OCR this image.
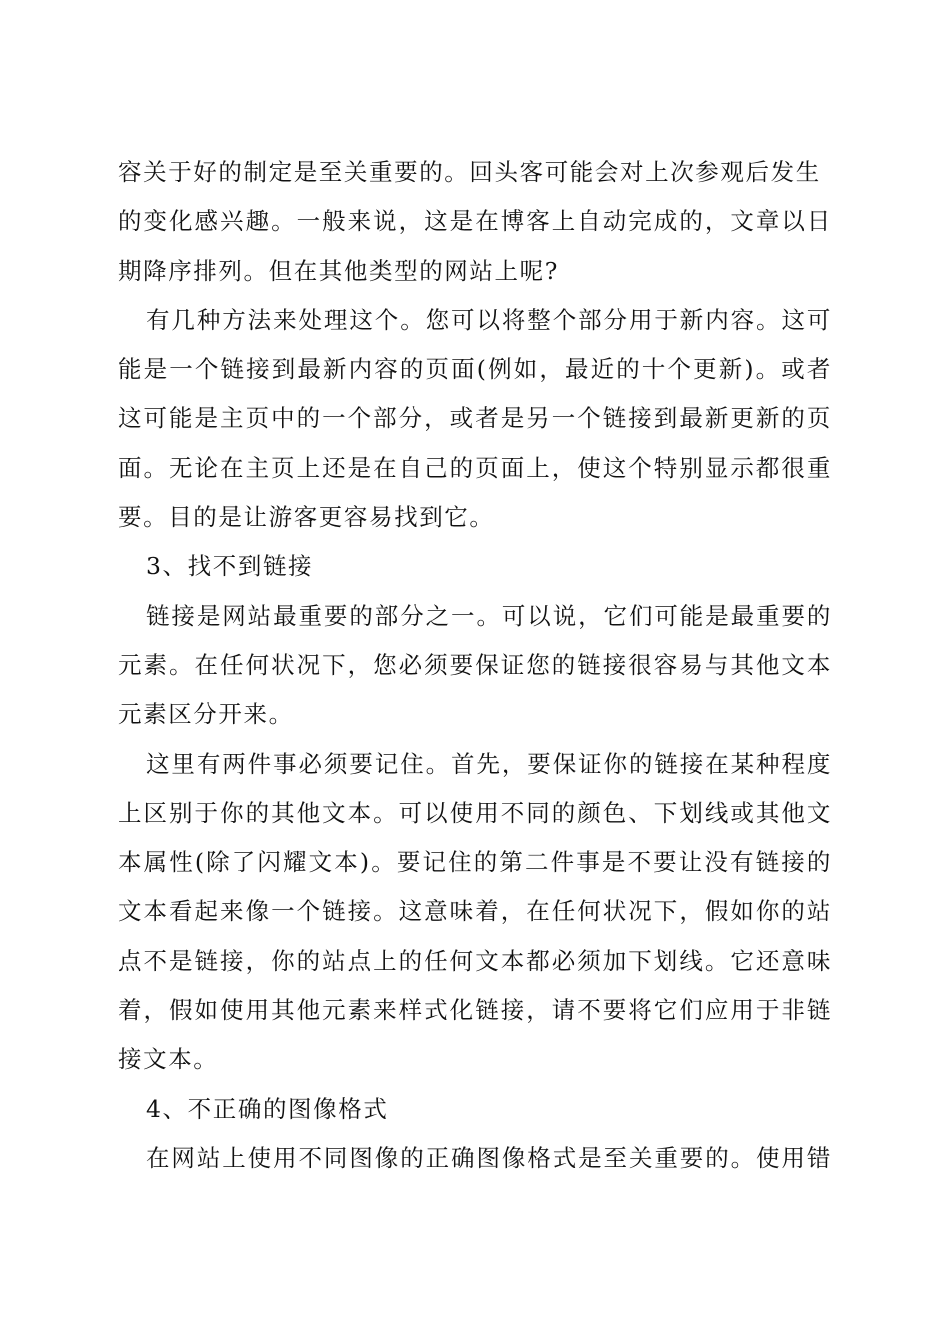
容关于好的制定是至关重要的。回头客可能会对上次参观后发生
的变化感兴趣。一般来说，这是在博客上自动完成的，文章以日
期降序排列。但在其他类型的网站上呢?
有几种方法来处理这个。您可以将整个部分用于新内容。这可
能是一个链接到最新内容的页面(例如，最近的十个更新)。或者
这可能是主页中的一个部分，或者是另一个链接到最新更新的页
面。无论在主页上还是在自己的页面上，使这个特别显示都很重
要。目的是让游客更容易找到它。
3、找不到链接
链接是网站最重要的部分之一。可以说，它们可能是最重要的
元素。在任何状况下，您必须要保证您的链接很容易与其他文本
元素区分开来。
这里有两件事必须要记住。首先，要保证你的链接在某种程度
上区别于你的其他文本。可以使用不同的颜色、下划线或其他文
本属性(除了闪耀文本)。要记住的第二件事是不要让没有链接的
文本看起来像一个链接。这意味着，在任何状况下，假如你的站
点不是链接，你的站点上的任何文本都必须加下划线。它还意味
着，假如使用其他元素来样式化链接，请不要将它们应用于非链
接文本。
4、不正确的图像格式
在网站上使用不同图像的正确图像格式是至关重要的。使用错
